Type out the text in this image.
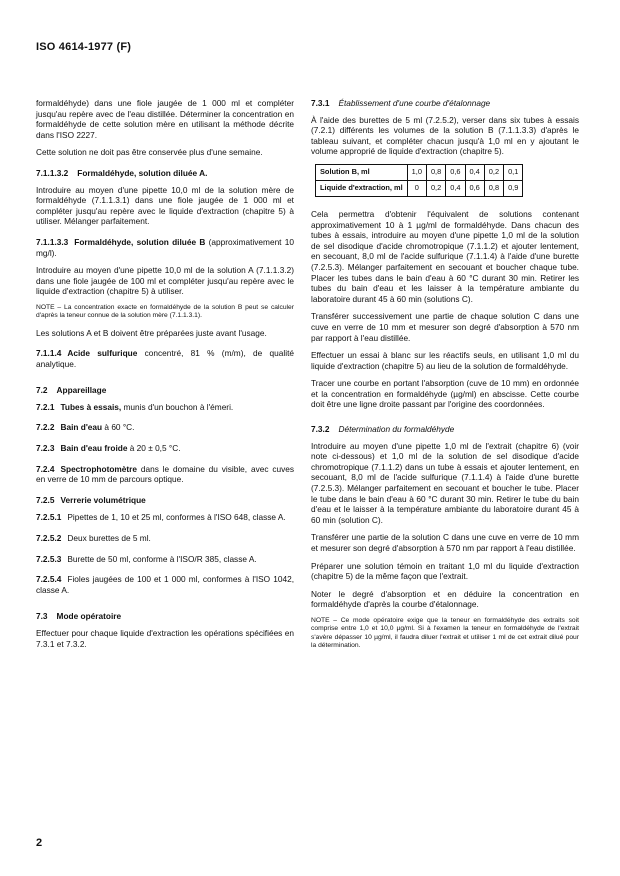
ISO 4614-1977 (F)

formaldéhyde) dans une fiole jaugée de 1 000 ml et compléter jusqu'au repère avec de l'eau distillée. Déterminer la concentration en formaldéhyde de cette solution mère en utilisant la méthode décrite dans l'ISO 2227.

Cette solution ne doit pas être conservée plus d'une semaine.

7.1.1.3.2 Formaldéhyde, solution diluée A.

Introduire au moyen d'une pipette 10,0 ml de la solution mère de formaldéhyde (7.1.1.3.1) dans une fiole jaugée de 1 000 ml et compléter jusqu'au repère avec le liquide d'extraction (chapitre 5) à utiliser. Mélanger parfaitement.

7.1.1.3.3 Formaldéhyde, solution diluée B (approximativement 10 mg/l).

Introduire au moyen d'une pipette 10,0 ml de la solution A (7.1.1.3.2) dans une fiole jaugée de 100 ml et compléter jusqu'au repère avec le liquide d'extraction (chapitre 5) à utiliser.

NOTE – La concentration exacte en formaldéhyde de la solution B peut se calculer d'après la teneur connue de la solution mère (7.1.1.3.1).

Les solutions A et B doivent être préparées juste avant l'usage.

7.1.1.4 Acide sulfurique concentré, 81 % (m/m), de qualité analytique.

7.2 Appareillage

7.2.1 Tubes à essais, munis d'un bouchon à l'émeri.

7.2.2 Bain d'eau à 60 °C.

7.2.3 Bain d'eau froide à 20 ± 0,5 °C.

7.2.4 Spectrophotomètre dans le domaine du visible, avec cuves en verre de 10 mm de parcours optique.

7.2.5 Verrerie volumétrique

7.2.5.1 Pipettes de 1, 10 et 25 ml, conformes à l'ISO 648, classe A.

7.2.5.2 Deux burettes de 5 ml.

7.2.5.3 Burette de 50 ml, conforme à l'ISO/R 385, classe A.

7.2.5.4 Fioles jaugées de 100 et 1 000 ml, conformes à l'ISO 1042, classe A.

7.3 Mode opératoire

Effectuer pour chaque liquide d'extraction les opérations spécifiées en 7.3.1 et 7.3.2.

7.3.1 Établissement d'une courbe d'étalonnage

À l'aide des burettes de 5 ml (7.2.5.2), verser dans six tubes à essais (7.2.1) différents les volumes de la solution B (7.1.1.3.3) d'après le tableau suivant, et compléter chacun jusqu'à 1,0 ml en y ajoutant le volume approprié de liquide d'extraction (chapitre 5).

Solution B, ml	1,0	0,8	0,6	0,4	0,2	0,1
Liquide d'extraction, ml	0	0,2	0,4	0,6	0,8	0,9

Cela permettra d'obtenir l'équivalent de solutions contenant approximativement 10 à 1 µg/ml de formaldéhyde. Dans chacun des tubes à essais, introduire au moyen d'une pipette 1,0 ml de la solution de sel disodique d'acide chromotropique (7.1.1.2) et ajouter lentement, en secouant, 8,0 ml de l'acide sulfurique (7.1.1.4) à l'aide d'une burette (7.2.5.3). Mélanger parfaitement en secouant et boucher chaque tube. Placer les tubes dans le bain d'eau à 60 °C durant 30 min. Retirer les tubes du bain d'eau et les laisser à la température ambiante du laboratoire durant 45 à 60 min (solutions C).

Transférer successivement une partie de chaque solution C dans une cuve en verre de 10 mm et mesurer son degré d'absorption à 570 nm par rapport à l'eau distillée.

Effectuer un essai à blanc sur les réactifs seuls, en utilisant 1,0 ml du liquide d'extraction (chapitre 5) au lieu de la solution de formaldéhyde.

Tracer une courbe en portant l'absorption (cuve de 10 mm) en ordonnée et la concentration en formaldéhyde (µg/ml) en abscisse. Cette courbe doit être une ligne droite passant par l'origine des coordonnées.

7.3.2 Détermination du formaldéhyde

Introduire au moyen d'une pipette 1,0 ml de l'extrait (chapitre 6) (voir note ci-dessous) et 1,0 ml de la solution de sel disodique d'acide chromotropique (7.1.1.2) dans un tube à essais et ajouter lentement, en secouant, 8,0 ml de l'acide sulfurique (7.1.1.4) à l'aide d'une burette (7.2.5.3). Mélanger parfaitement en secouant et boucher le tube. Placer le tube dans le bain d'eau à 60 °C durant 30 min. Retirer le tube du bain d'eau et le laisser à la température ambiante du laboratoire durant 45 à 60 min (solution C).

Transférer une partie de la solution C dans une cuve en verre de 10 mm et mesurer son degré d'absorption à 570 nm par rapport à l'eau distillée.

Préparer une solution témoin en traitant 1,0 ml du liquide d'extraction (chapitre 5) de la même façon que l'extrait.

Noter le degré d'absorption et en déduire la concentration en formaldéhyde d'après la courbe d'étalonnage.

NOTE – Ce mode opératoire exige que la teneur en formaldéhyde des extraits soit comprise entre 1,0 et 10,0 µg/ml. Si à l'examen la teneur en formaldéhyde de l'extrait s'avère dépasser 10 µg/ml, il faudra diluer l'extrait et utiliser 1 ml de cet extrait dilué pour la détermination.

2
